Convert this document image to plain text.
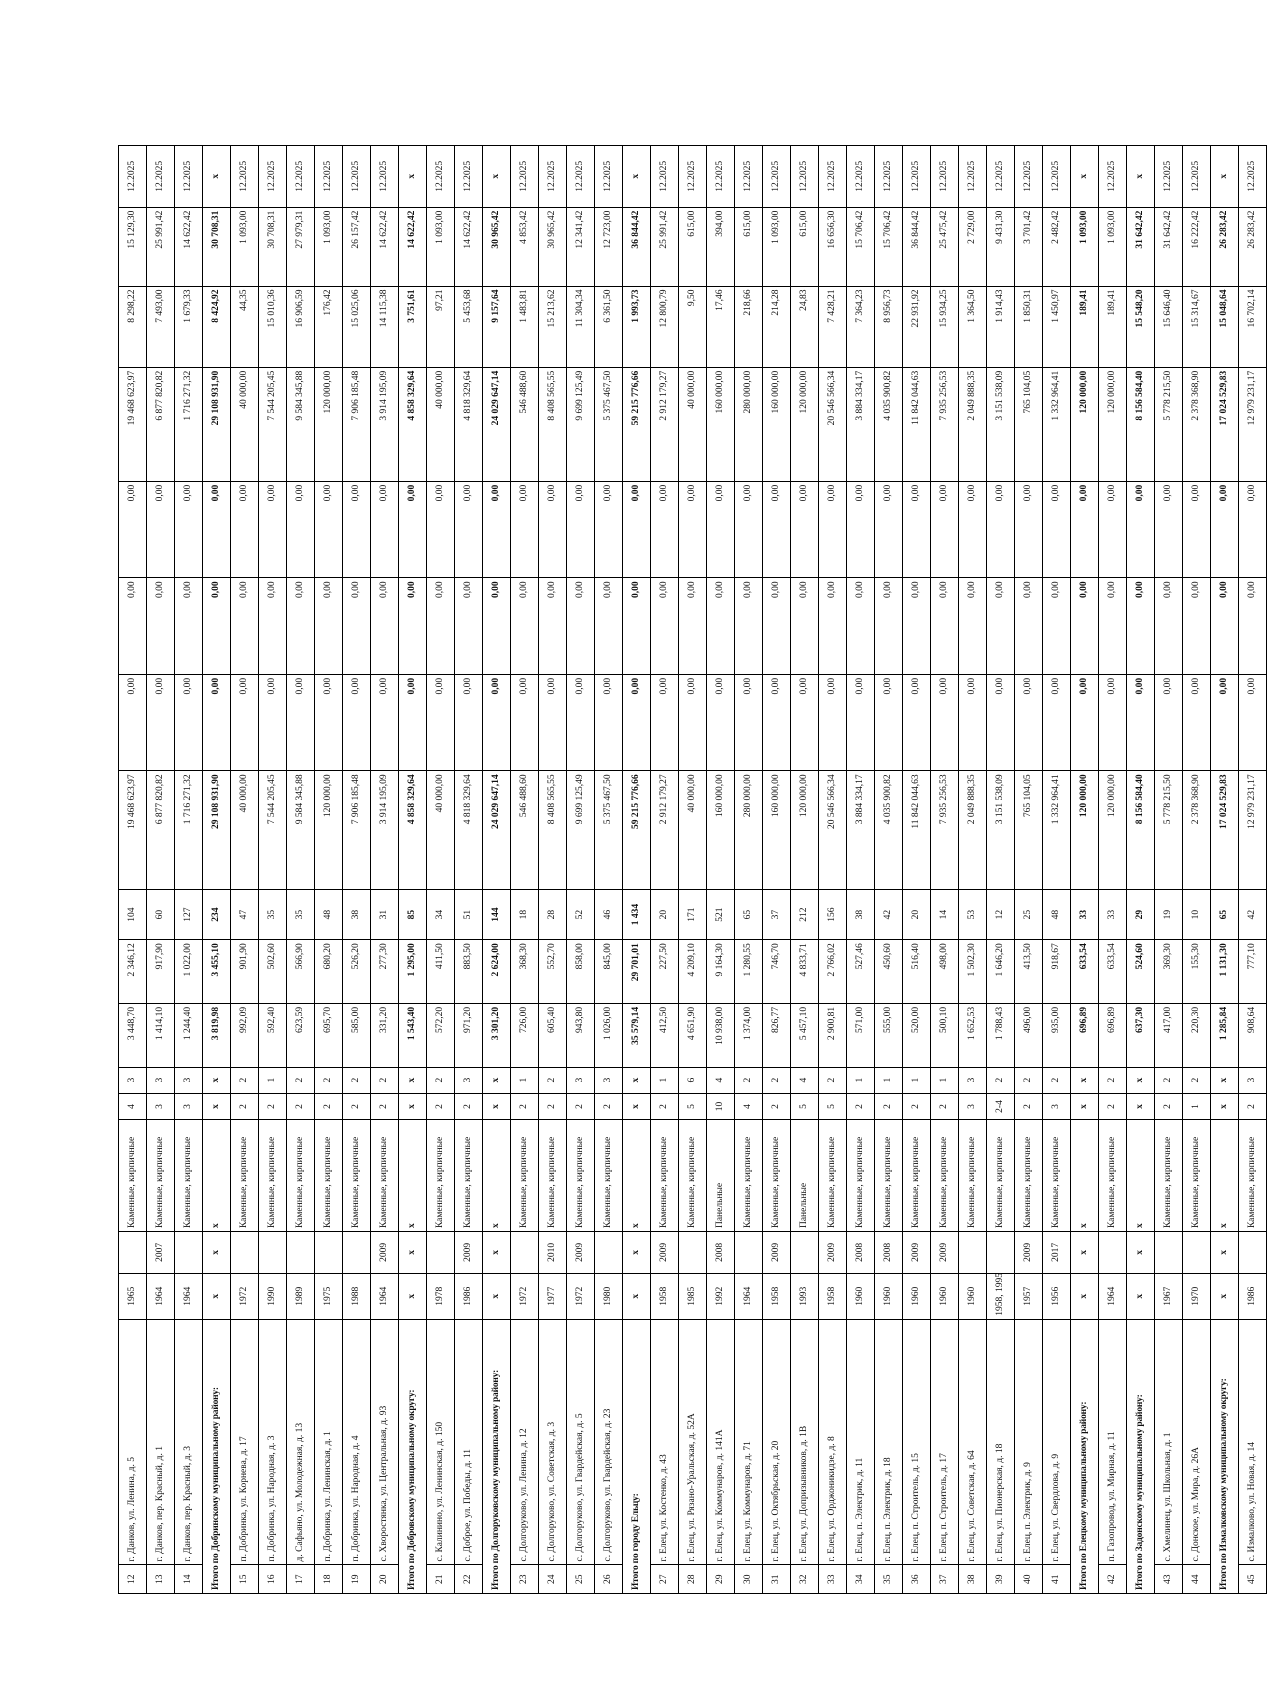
12	г. Данков, ул. Ленина, д. 5	1965		Каменные, кирпичные	4	3	3 448,70	2 346,12	104	19 468 623,97	0,00	0,00	0,00	19 468 623,97	8 298,22	15 129,30	12.2025
13	г. Данков, пер. Красный, д. 1	1964	2007	Каменные, кирпичные	3	3	1 414,10	917,90	60	6 877 820,82	0,00	0,00	0,00	6 877 820,82	7 493,00	25 991,42	12.2025
14	г. Данков, пер. Красный, д. 3	1964		Каменные, кирпичные	3	3	1 244,40	1 022,00	127	1 716 271,32	0,00	0,00	0,00	1 716 271,32	1 679,33	14 622,42	12.2025
Итого по Добринскому муниципальному району:		x	x	x	x	x	3 819,98	3 455,10	234	29 108 931,90	0,00	0,00	0,00	29 108 931,90	8 424,92	30 708,31	x
15	п. Добринка, ул. Корнева, д. 17	1972		Каменные, кирпичные	2	2	992,09	901,90	47	40 000,00	0,00	0,00	0,00	40 000,00	44,35	1 093,00	12.2025
16	п. Добринка, ул. Народная, д. 3	1990		Каменные, кирпичные	2	1	592,40	502,60	35	7 544 205,45	0,00	0,00	0,00	7 544 205,45	15 010,36	30 708,31	12.2025
17	д. Сафьяно, ул. Молодежная, д. 13	1989		Каменные, кирпичные	2	2	623,59	566,90	35	9 584 345,88	0,00	0,00	0,00	9 584 345,88	16 906,59	27 979,31	12.2025
18	п. Добринка, ул. Ленинская, д. 1	1975		Каменные, кирпичные	2	2	695,70	680,20	48	120 000,00	0,00	0,00	0,00	120 000,00	176,42	1 093,00	12.2025
19	п. Добринка, ул. Народная, д. 4	1988		Каменные, кирпичные	2	2	585,00	526,20	38	7 906 185,48	0,00	0,00	0,00	7 906 185,48	15 025,06	26 157,42	12.2025
20	с. Хворостянка, ул. Центральная, д. 93	1964	2009	Каменные, кирпичные	2	2	331,20	277,30	31	3 914 195,09	0,00	0,00	0,00	3 914 195,09	14 115,38	14 622,42	12.2025
Итого по Добровскому муниципальному округу:		x	x	x	x	x	1 543,40	1 295,00	85	4 858 329,64	0,00	0,00	0,00	4 858 329,64	3 751,61	14 622,42	x
21	с. Калинино, ул. Ленинская, д. 150	1978		Каменные, кирпичные	2	2	572,20	411,50	34	40 000,00	0,00	0,00	0,00	40 000,00	97,21	1 093,00	12.2025
22	с. Доброе, ул. Победы, д. 11	1986	2009	Каменные, кирпичные	2	3	971,20	883,50	51	4 818 329,64	0,00	0,00	0,00	4 818 329,64	5 453,68	14 622,42	12.2025
Итого по Долгоруковскому муниципальному району:		x	x	x	x	x	3 301,20	2 624,00	144	24 029 647,14	0,00	0,00	0,00	24 029 647,14	9 157,64	30 965,42	x
23	с. Долгоруково, ул. Ленина, д. 12	1972		Каменные, кирпичные	2	1	726,00	368,30	18	546 488,60	0,00	0,00	0,00	546 488,60	1 483,81	4 853,42	12.2025
24	с. Долгоруково, ул. Советская, д. 3	1977	2010	Каменные, кирпичные	2	2	605,40	552,70	28	8 408 565,55	0,00	0,00	0,00	8 408 565,55	15 213,62	30 965,42	12.2025
25	с. Долгоруково, ул. Гвардейская, д. 5	1972	2009	Каменные, кирпичные	2	3	943,80	858,00	52	9 699 125,49	0,00	0,00	0,00	9 699 125,49	11 304,34	12 341,42	12.2025
26	с. Долгоруково, ул. Гвардейская, д. 23	1980		Каменные, кирпичные	2	3	1 026,00	845,00	46	5 375 467,50	0,00	0,00	0,00	5 375 467,50	6 361,50	12 723,00	12.2025
Итого по городу Ельцу:		x	x	x	x	x	35 579,14	29 701,01	1 434	59 215 776,66	0,00	0,00	0,00	59 215 776,66	1 993,73	36 844,42	x
27	г. Елец, ул. Костенко, д. 43	1958	2009	Каменные, кирпичные	2	1	412,50	227,50	20	2 912 179,27	0,00	0,00	0,00	2 912 179,27	12 800,79	25 991,42	12.2025
28	г. Елец, ул. Рязано-Уральская, д. 52А	1985		Каменные, кирпичные	5	6	4 651,90	4 209,10	171	40 000,00	0,00	0,00	0,00	40 000,00	9,50	615,00	12.2025
29	г. Елец, ул. Коммунаров, д. 141А	1992	2008	Панельные	10	4	10 938,00	9 164,30	521	160 000,00	0,00	0,00	0,00	160 000,00	17,46	394,00	12.2025
30	г. Елец, ул. Коммунаров, д. 71	1964		Каменные, кирпичные	4	2	1 374,00	1 280,55	65	280 000,00	0,00	0,00	0,00	280 000,00	218,66	615,00	12.2025
31	г. Елец, ул. Октябрьская, д. 20	1958	2009	Каменные, кирпичные	2	2	826,77	746,70	37	160 000,00	0,00	0,00	0,00	160 000,00	214,28	1 093,00	12.2025
32	г. Елец, ул. Допризывников, д. 1В	1993		Панельные	5	4	5 457,10	4 833,71	212	120 000,00	0,00	0,00	0,00	120 000,00	24,83	615,00	12.2025
33	г. Елец, ул. Орджоникидзе, д. 8	1958	2009	Каменные, кирпичные	5	2	2 900,81	2 766,02	156	20 546 566,34	0,00	0,00	0,00	20 546 566,34	7 428,21	16 656,30	12.2025
34	г. Елец, п. Электрик, д. 11	1960	2008	Каменные, кирпичные	2	1	571,00	527,46	38	3 884 334,17	0,00	0,00	0,00	3 884 334,17	7 364,23	15 706,42	12.2025
35	г. Елец, п. Электрик, д. 18	1960	2008	Каменные, кирпичные	2	1	555,00	450,60	42	4 035 900,82	0,00	0,00	0,00	4 035 900,82	8 956,73	15 706,42	12.2025
36	г. Елец, п. Строитель, д. 15	1960	2009	Каменные, кирпичные	2	1	520,00	516,40	20	11 842 044,63	0,00	0,00	0,00	11 842 044,63	22 931,92	36 844,42	12.2025
37	г. Елец, п. Строитель, д. 17	1960	2009	Каменные, кирпичные	2	1	500,10	498,00	14	7 935 256,53	0,00	0,00	0,00	7 935 256,53	15 934,25	25 475,42	12.2025
38	г. Елец, ул. Советская, д. 64	1960		Каменные, кирпичные	3	3	1 652,53	1 502,30	53	2 049 888,35	0,00	0,00	0,00	2 049 888,35	1 364,50	2 729,00	12.2025
39	г. Елец, ул. Пионерская, д. 18	1958, 1995		Каменные, кирпичные	2-4	2	1 788,43	1 646,20	12	3 151 538,09	0,00	0,00	0,00	3 151 538,09	1 914,43	9 431,30	12.2025
40	г. Елец, п. Электрик, д. 9	1957	2009	Каменные, кирпичные	2	2	496,00	413,50	25	765 104,05	0,00	0,00	0,00	765 104,05	1 850,31	3 701,42	12.2025
41	г. Елец, ул. Свердлова, д. 9	1956	2017	Каменные, кирпичные	3	2	935,00	918,67	48	1 332 964,41	0,00	0,00	0,00	1 332 964,41	1 450,97	2 482,42	12.2025
Итого по Елецкому муниципальному району:		x	x	x	x	x	696,89	633,54	33	120 000,00	0,00	0,00	0,00	120 000,00	189,41	1 093,00	x
42	п. Газопровод, ул. Мирная, д. 11	1964		Каменные, кирпичные	2	2	696,89	633,54	33	120 000,00	0,00	0,00	0,00	120 000,00	189,41	1 093,00	12.2025
Итого по Задонскому муниципальному району:		x	x	x	x	x	637,30	524,60	29	8 156 584,40	0,00	0,00	0,00	8 156 584,40	15 548,20	31 642,42	x
43	с. Хмелинец, ул. Школьная, д. 1	1967		Каменные, кирпичные	2	2	417,00	369,30	19	5 778 215,50	0,00	0,00	0,00	5 778 215,50	15 646,40	31 642,42	12.2025
44	с. Донское, ул. Мира, д. 26А	1970		Каменные, кирпичные	1	2	220,30	155,30	10	2 378 368,90	0,00	0,00	0,00	2 378 368,90	15 314,67	16 222,42	12.2025
Итого по Измалковскому муниципальному округу:		x	x	x	x	x	1 285,84	1 131,30	65	17 024 529,83	0,00	0,00	0,00	17 024 529,83	15 048,64	26 283,42	x
45	с. Измалково, ул. Новая, д. 14	1986		Каменные, кирпичные	2	3	908,64	777,10	42	12 979 231,17	0,00	0,00	0,00	12 979 231,17	16 702,14	26 283,42	12.2025
